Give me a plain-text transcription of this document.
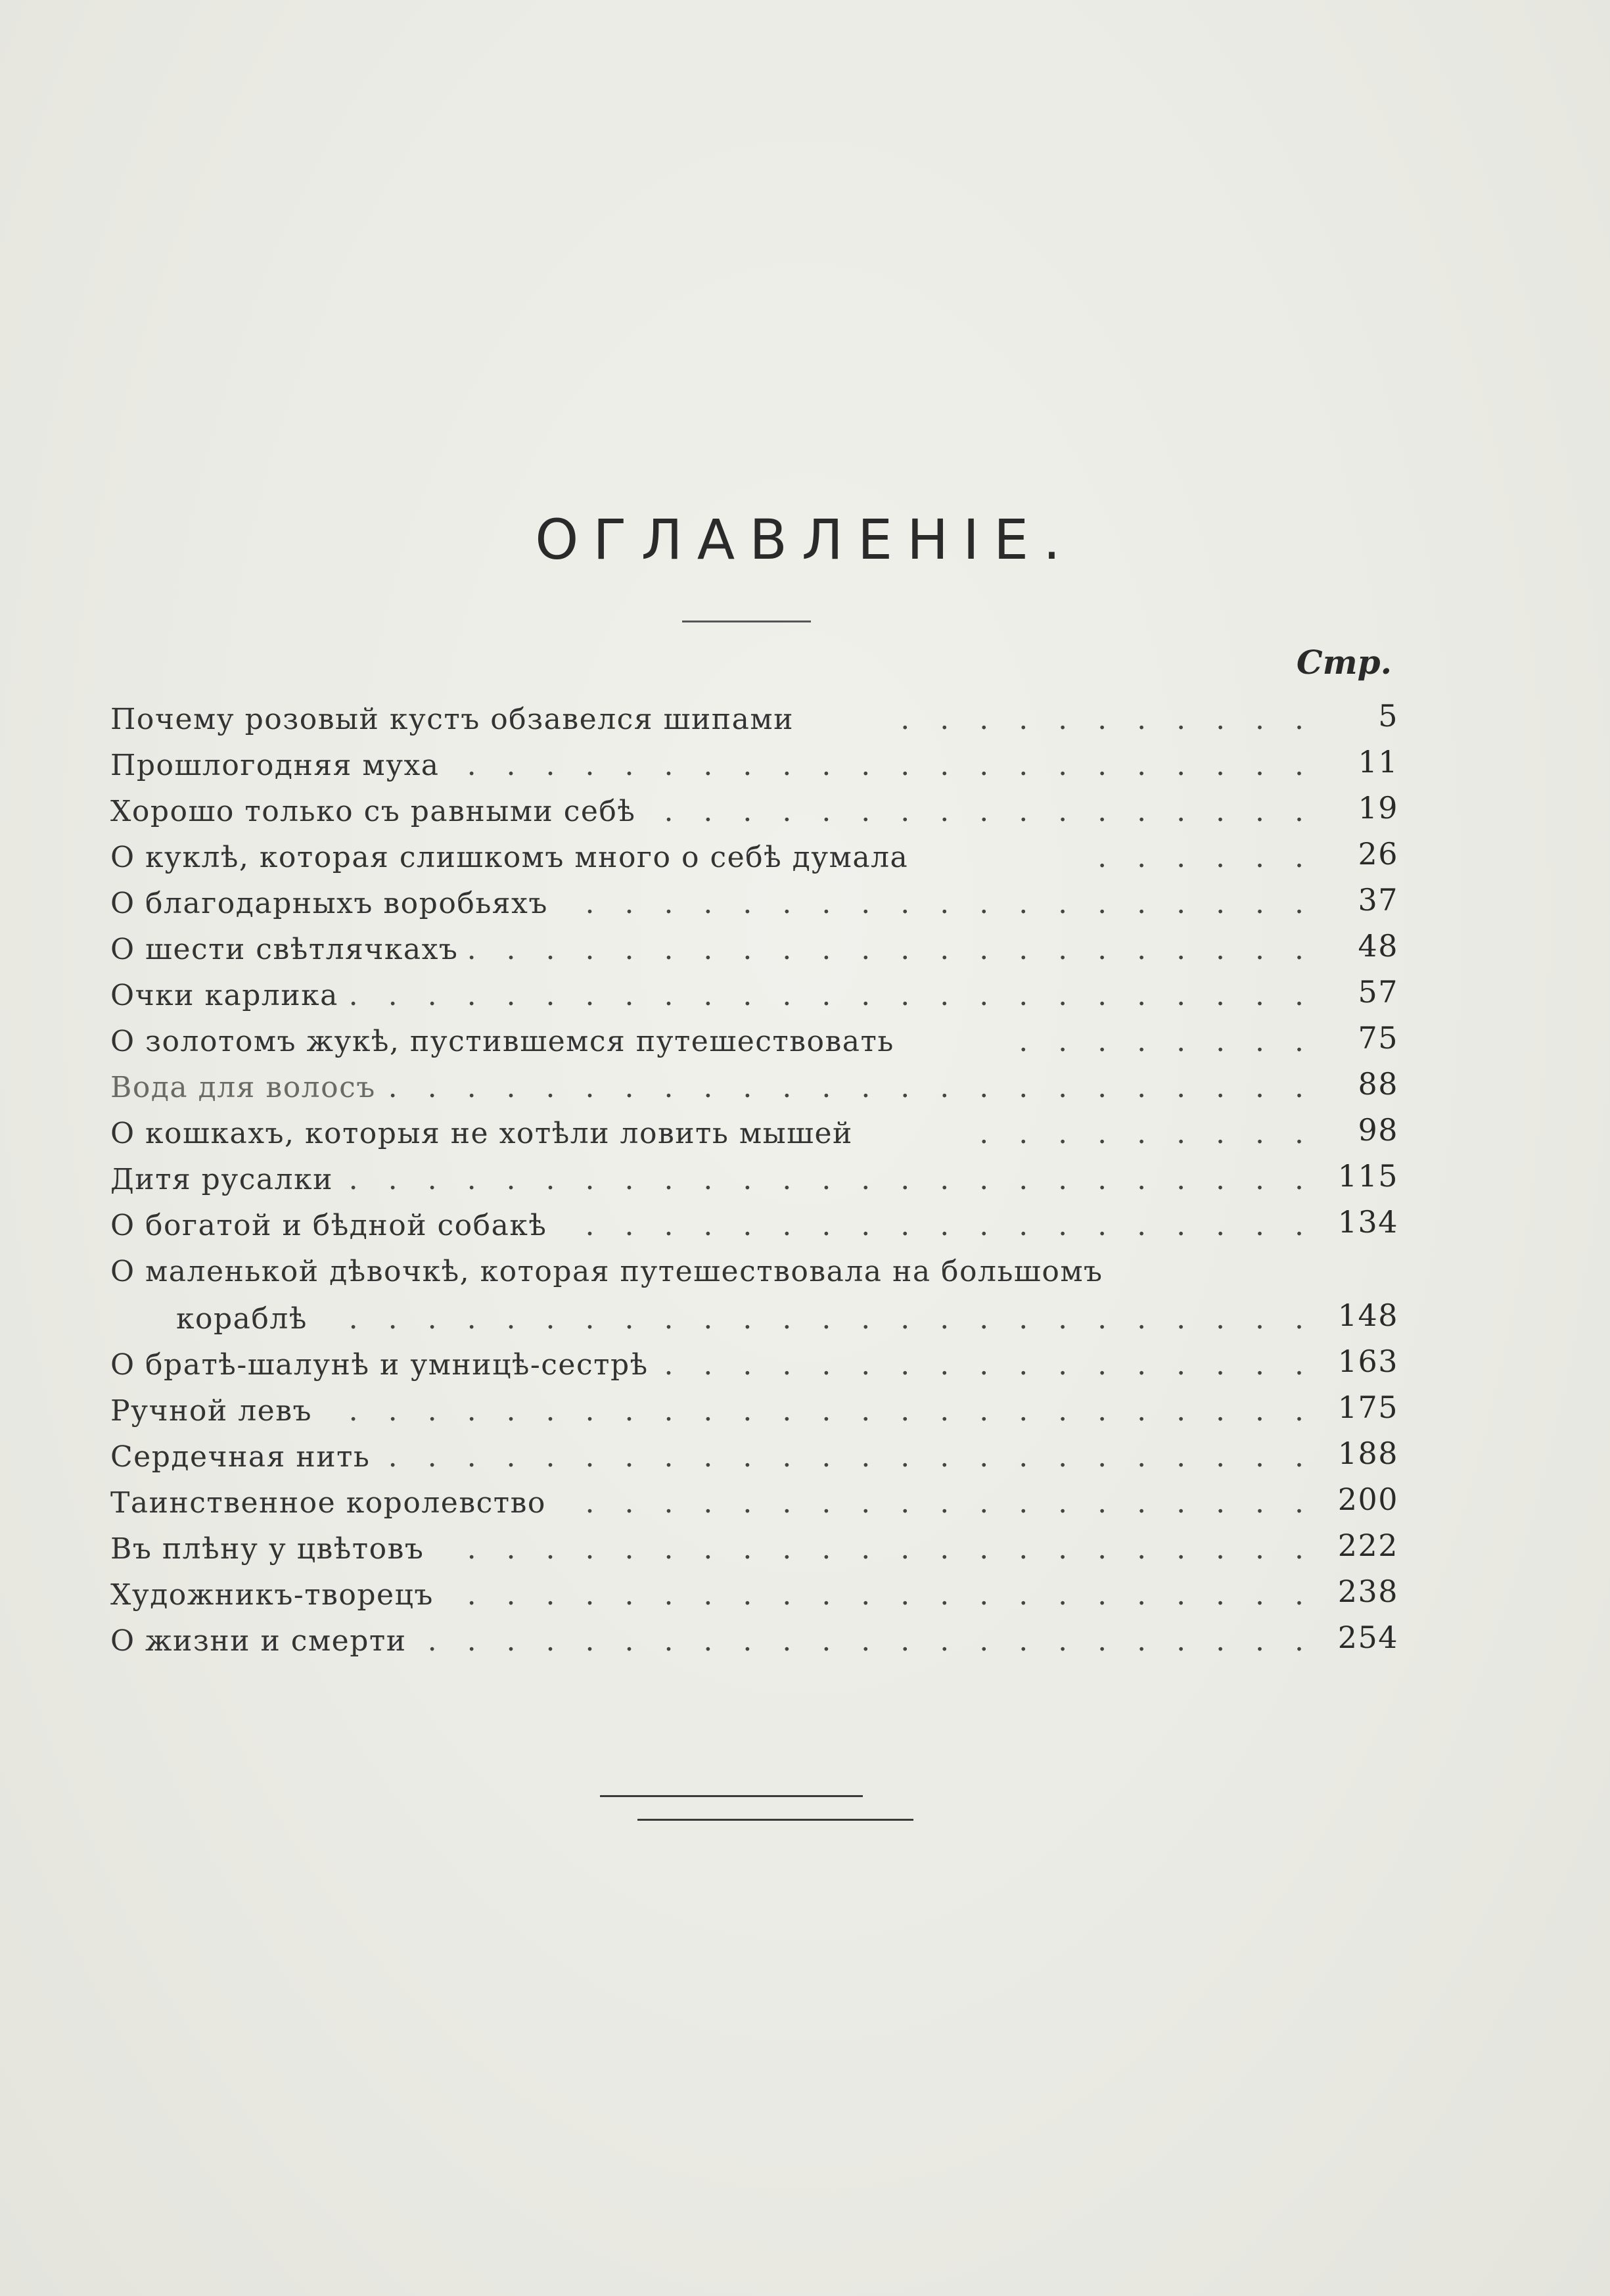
ОГЛАВЛЕНІЕ.
Стр.
Почему розовый кустъ обзавелся шипами	. . . . . . . . . . . 5
Прошлогодняя муха . . . . . . . . . . . . . . . . . . . . . . 11
Хорошо только съ равными себѣ . . . . . . . . . . . . . . . . . 19
О куклѣ, которая слишкомъ много о себѣ думала	. . . . . . 26
О благодарныхъ воробьяхъ . . . . . . . . . . . . . . . . . . . 37
О шести свѣтлячкахъ . . . . . . . . . . . . . . . . . . . . . . 48
Очки карлика . . . . . . . . . . . . . . . . . . . . . . . . . 57
О золотомъ жукѣ, пустившемся путешествовать	. . . . . . . . 75
Вода для волосъ . . . . . . . . . . . . . . . . . . . . . . . . 88
О кошкахъ, которыя не хотѣли ловить мышей	. . . . . . . . . 98
Дитя русалки . . . . . . . . . . . . . . . . . . . . . . . . . 115
О богатой и бѣдной собакѣ . . . . . . . . . . . . . . . . . . . 134
О маленькой дѣвочкѣ, которая путешествовала на большомъ
кораблѣ . . . . . . . . . . . . . . . . . . . . . . . . . 148
О братѣ-шалунѣ и умницѣ-сестрѣ . . . . . . . . . . . . . . . . . 163
Ручной левъ . . . . . . . . . . . . . . . . . . . . . . . . . 175
Сердечная нить . . . . . . . . . . . . . . . . . . . . . . . . 188
Таинственное королевство . . . . . . . . . . . . . . . . . . . 200
Въ плѣну у цвѣтовъ . . . . . . . . . . . . . . . . . . . . . . 222
Художникъ-творецъ . . . . . . . . . . . . . . . . . . . . . . 238
О жизни и смерти . . . . . . . . . . . . . . . . . . . . . . . 254
